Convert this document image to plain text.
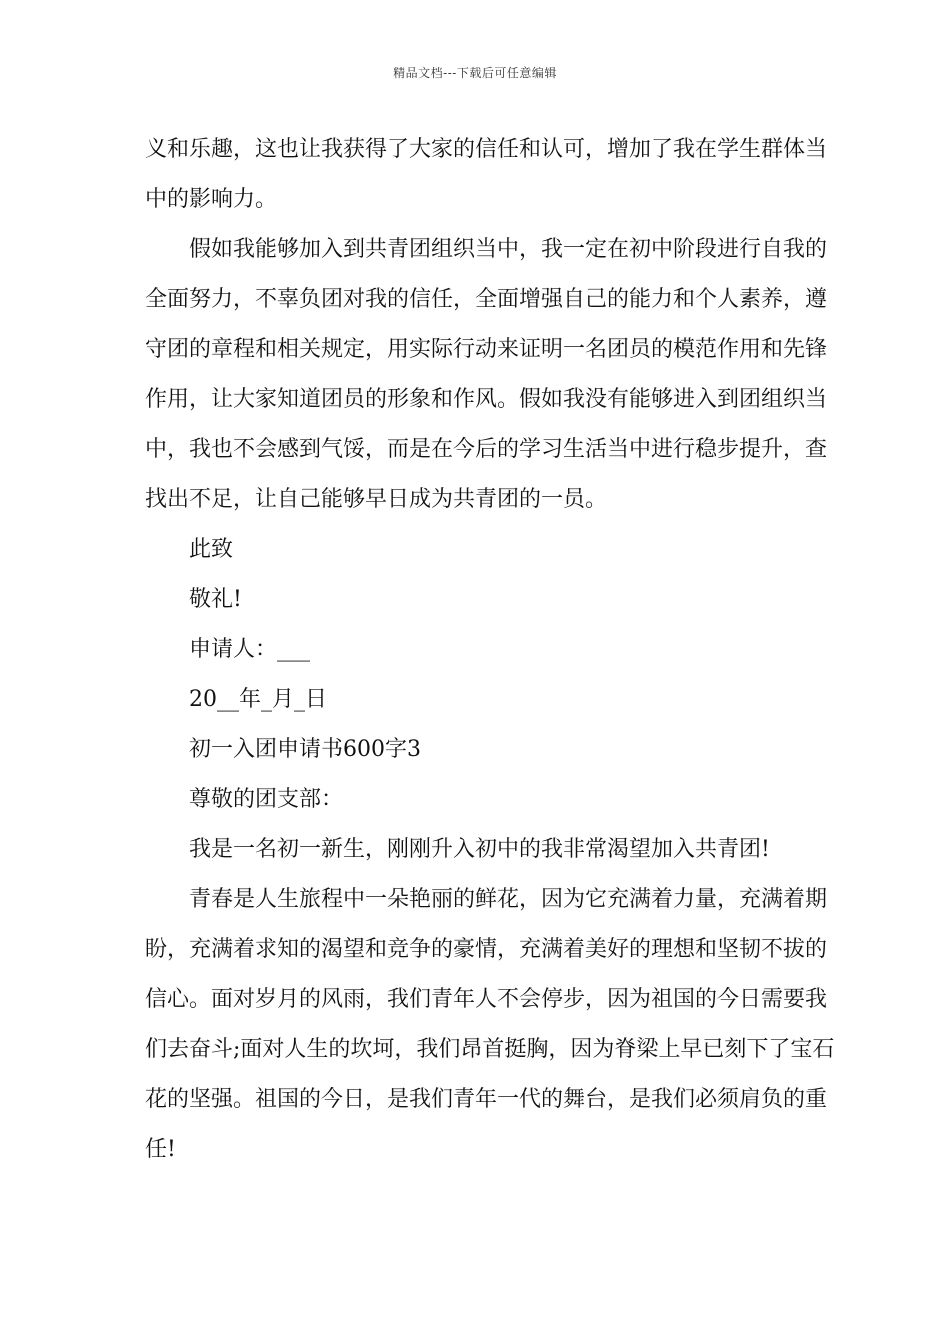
精品文档---下载后可任意编辑

义和乐趣，这也让我获得了大家的信任和认可，增加了我在学生群体当中的影响力。

假如我能够加入到共青团组织当中，我一定在初中阶段进行自我的全面努力，不辜负团对我的信任，全面增强自己的能力和个人素养，遵守团的章程和相关规定，用实际行动来证明一名团员的模范作用和先锋作用，让大家知道团员的形象和作风。假如我没有能够进入到团组织当中，我也不会感到气馁，而是在今后的学习生活当中进行稳步提升，查找出不足，让自己能够早日成为共青团的一员。

此致

敬礼!

申请人：___

20__年_月_日

初一入团申请书600字3

尊敬的团支部：

我是一名初一新生，刚刚升入初中的我非常渴望加入共青团!

青春是人生旅程中一朵艳丽的鲜花，因为它充满着力量，充满着期盼，充满着求知的渴望和竞争的豪情，充满着美好的理想和坚韧不拔的信心。面对岁月的风雨，我们青年人不会停步，因为祖国的今日需要我们去奋斗;面对人生的坎坷，我们昂首挺胸，因为脊梁上早已刻下了宝石花的坚强。祖国的今日，是我们青年一代的舞台，是我们必须肩负的重任!
